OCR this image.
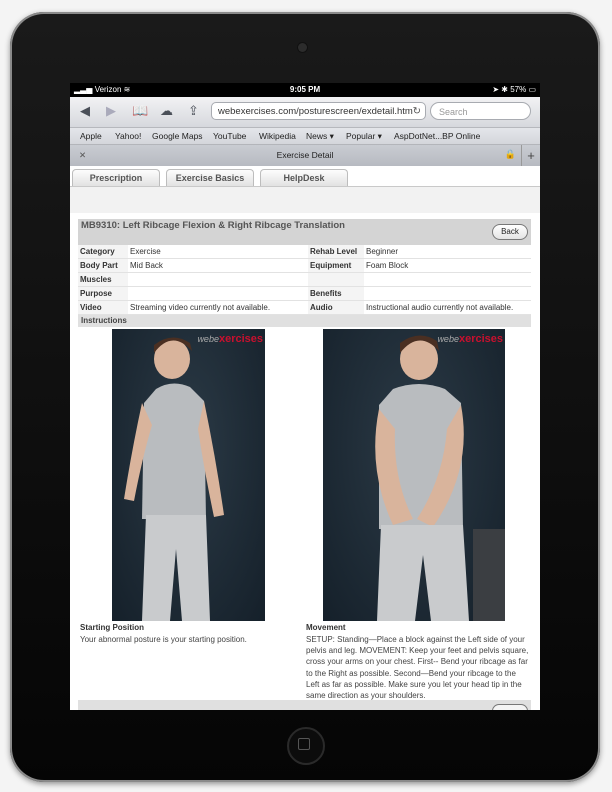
▂▃▅ Verizon ≋	9:05 PM	➤ ✱ 57% ▭
◀ ▶ 📖 ☁ ⇪	webexercises.com/posturescreen/exdetail.htm ↻	Search
Apple Yahoo! Google Maps YouTube Wikipedia News ▾ Popular ▾ AspDotNet...BP Online
✕	Exercise Detail	🔒 +
Prescription	Exercise Basics	HelpDesk
MB9310: Left Ribcage Flexion & Right Ribcage Translation
Back
Category	Exercise	Rehab Level	Beginner
Body Part	Mid Back	Equipment	Foam Block
Muscles			
Purpose		Benefits	
Video	Streaming video currently not available.	Audio	Instructional audio currently not available.
Instructions
webexercises	webexercises
Starting Position
Your abnormal posture is your starting position.
Movement
SETUP: Standing—Place a block against the Left side of your pelvis and leg. MOVEMENT: Keep your feet and pelvis square, cross your arms on your chest. First-- Bend your ribcage as far to the Right as possible. Second—Bend your ribcage to the Left as far as possible. Make sure you let your head tip in the same direction as your shoulders.
